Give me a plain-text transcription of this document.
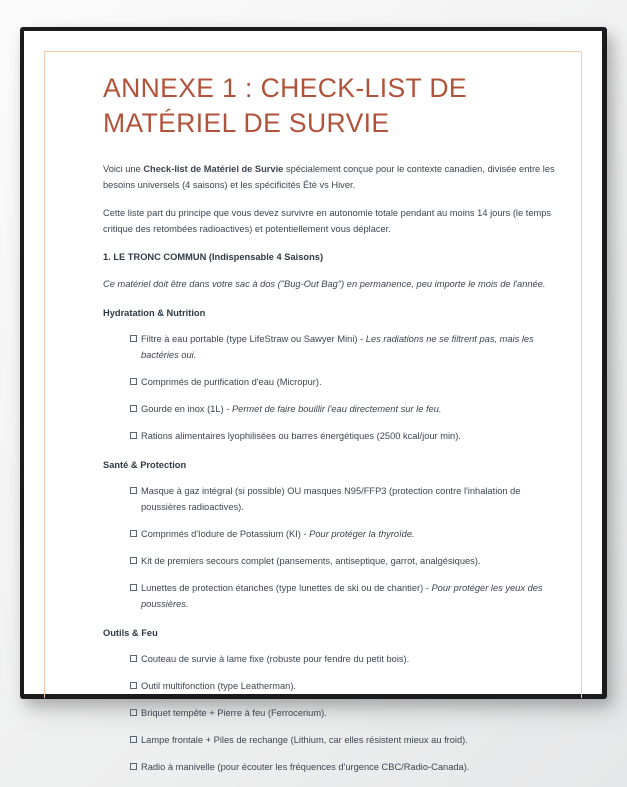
ANNEXE 1 : CHECK-LIST DE MATÉRIEL DE SURVIE

Voici une Check-list de Matériel de Survie spécialement conçue pour le contexte canadien, divisée entre les besoins universels (4 saisons) et les spécificités Été vs Hiver.

Cette liste part du principe que vous devez survivre en autonomie totale pendant au moins 14 jours (le temps critique des retombées radioactives) et potentiellement vous déplacer.

1. LE TRONC COMMUN (Indispensable 4 Saisons)

Ce matériel doit être dans votre sac à dos ("Bug-Out Bag") en permanence, peu importe le mois de l'année.

Hydratation & Nutrition
Filtre à eau portable (type LifeStraw ou Sawyer Mini) - Les radiations ne se filtrent pas, mais les bactéries oui.
Comprimés de purification d'eau (Micropur).
Gourde en inox (1L) - Permet de faire bouillir l'eau directement sur le feu.
Rations alimentaires lyophilisées ou barres énergétiques (2500 kcal/jour min).
Santé & Protection
Masque à gaz intégral (si possible) OU masques N95/FFP3 (protection contre l'inhalation de poussières radioactives).
Comprimés d'Iodure de Potassium (KI) - Pour protéger la thyroïde.
Kit de premiers secours complet (pansements, antiseptique, garrot, analgésiques).
Lunettes de protection étanches (type lunettes de ski ou de chantier) - Pour protéger les yeux des poussières.
Outils & Feu
Couteau de survie à lame fixe (robuste pour fendre du petit bois).
Outil multifonction (type Leatherman).
Briquet tempête + Pierre à feu (Ferrocerium).
Lampe frontale + Piles de rechange (Lithium, car elles résistent mieux au froid).
Radio à manivelle (pour écouter les fréquences d'urgence CBC/Radio-Canada).
